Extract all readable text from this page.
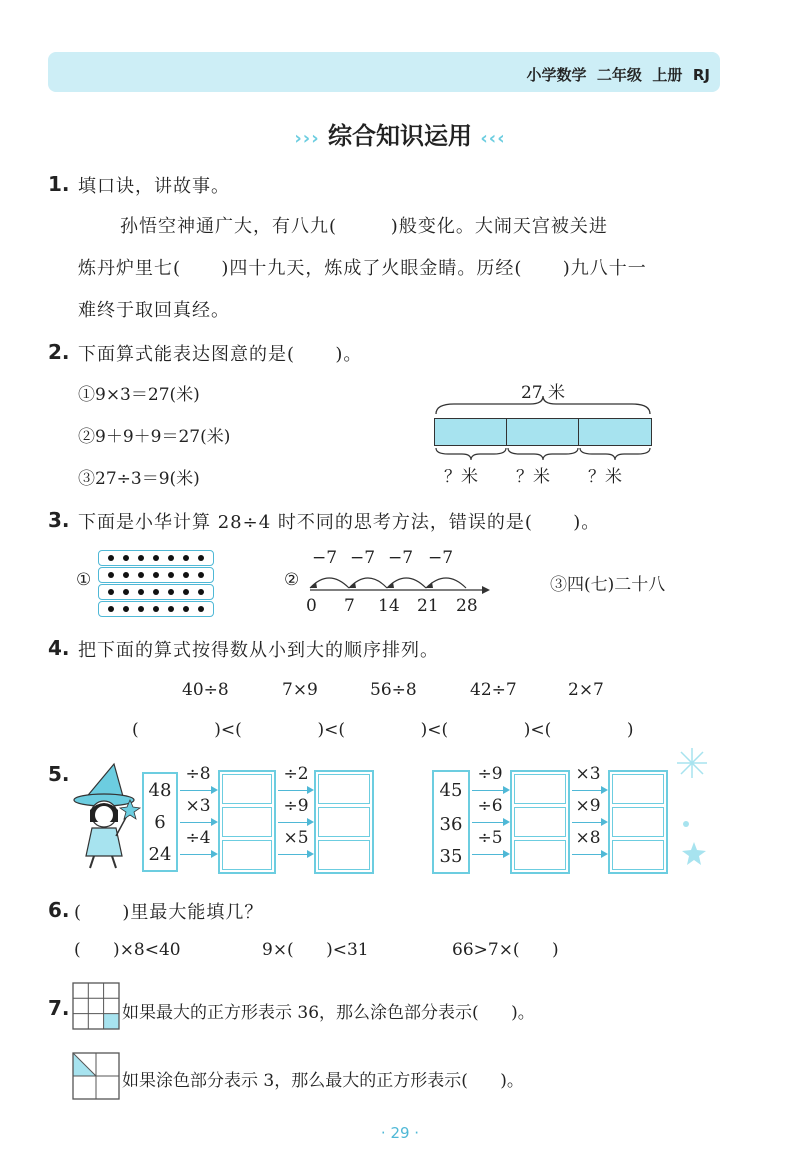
小学数学 二年级 上册 RJ
››› 综合知识运用 ‹‹‹
1. 填口诀，讲故事。
孙悟空神通广大，有八九(        )般变化。大闹天宫被关进
炼丹炉里七(      )四十九天，炼成了火眼金睛。历经(      )九八十一
难终于取回真经。
2. 下面算式能表达图意的是(      )。
①9×3＝27(米)
②9＋9＋9＝27(米)
③27÷3＝9(米)
27 米
？米 ？米 ？米
3. 下面是小华计算 28÷4 时不同的思考方法，错误的是(      )。
①	②
−7 −7 −7 −7
0 7 14 21 28
③四(七)二十八
4. 把下面的算式按得数从小到大的顺序排列。
40÷8	7×9	56÷8	42÷7	2×7
(              )<(              )<(              )<(              )<(              )
5.
48
6
24
÷8
×3
÷4
÷2
÷9
×5
45
36
35
÷9
÷6
÷5
×3
×9
×8
6. (      )里最大能填几？
(      )×8<40	9×(      )<31	66>7×(      )
7.	如果最大的正方形表示 36，那么涂色部分表示(      )。
如果涂色部分表示 3，那么最大的正方形表示(      )。
· 29 ·
